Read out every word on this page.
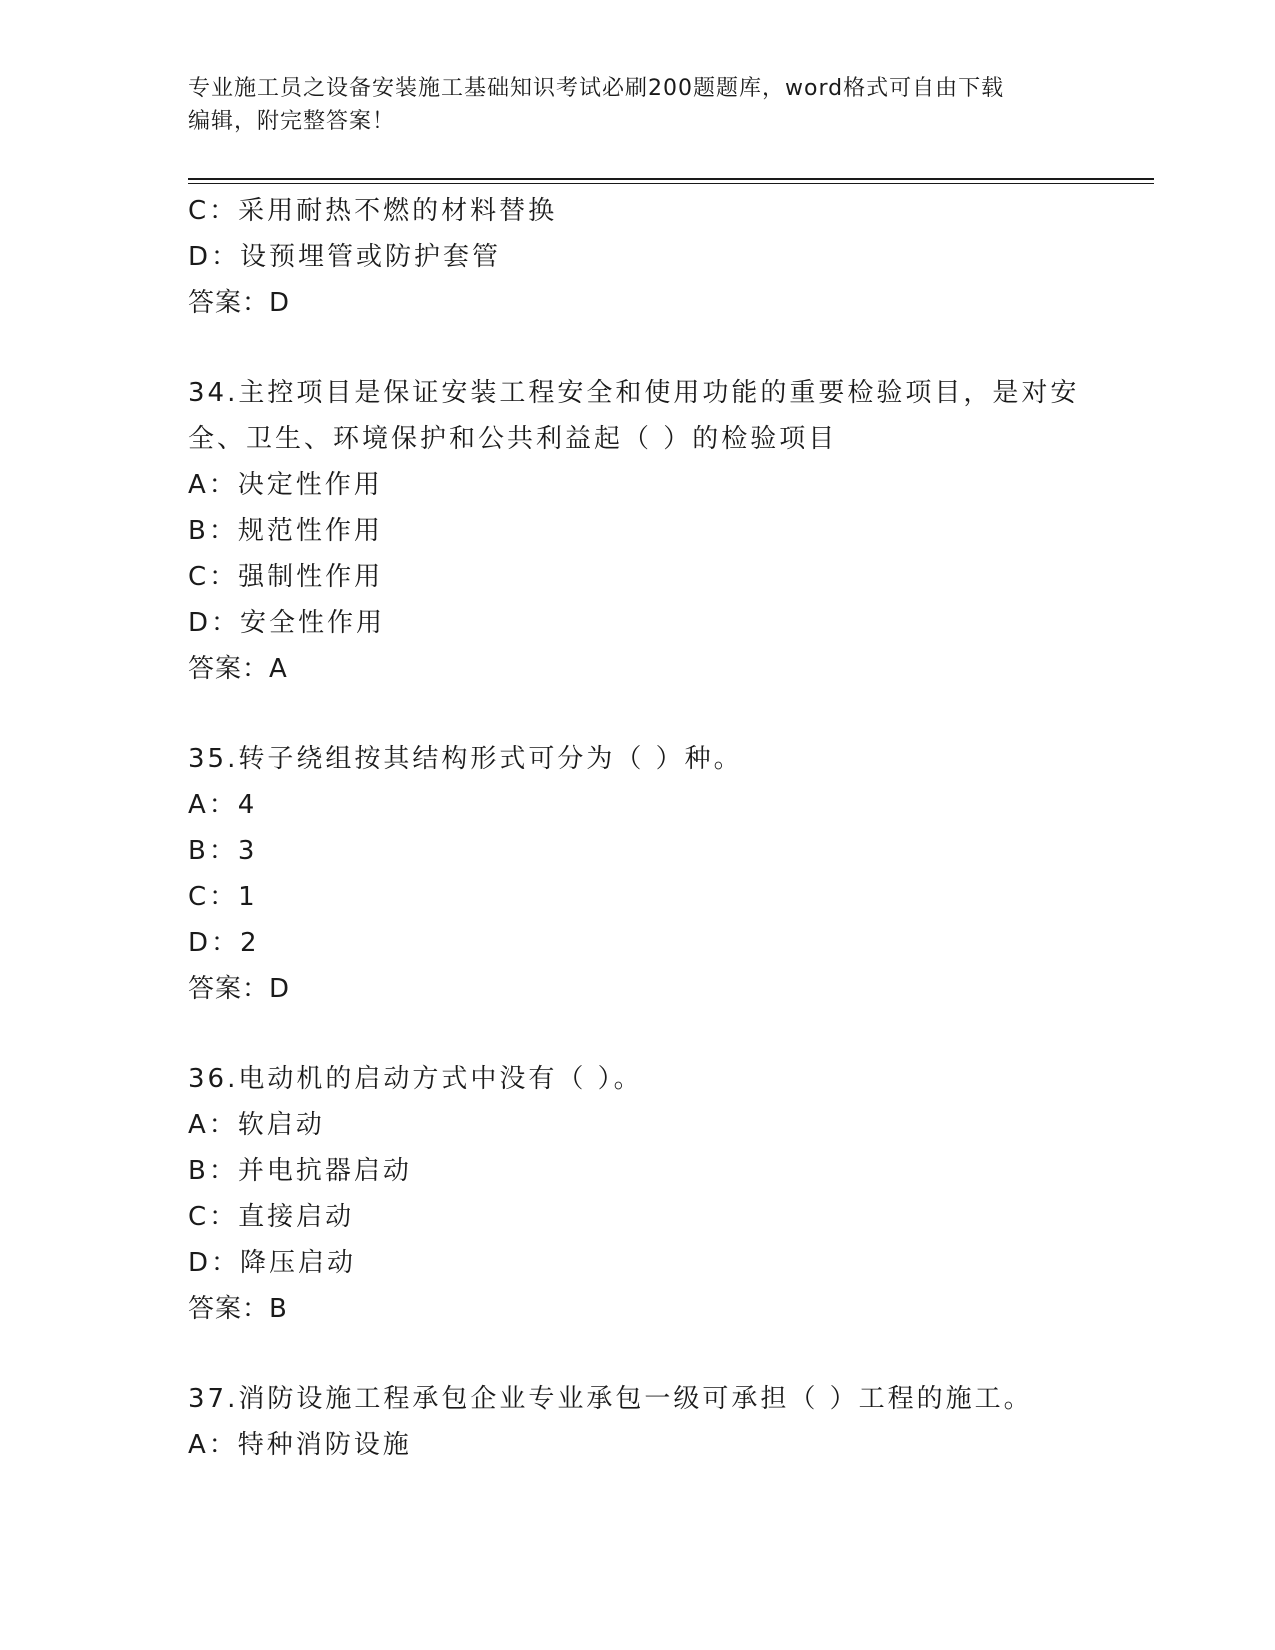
专业施工员之设备安装施工基础知识考试必刷200题题库，word格式可自由下载
编辑，附完整答案！
C：采用耐热不燃的材料替换
D：设预埋管或防护套管
答案：D
34.主控项目是保证安装工程安全和使用功能的重要检验项目，是对安
全、卫生、环境保护和公共利益起（ ）的检验项目
A：决定性作用
B：规范性作用
C：强制性作用
D：安全性作用
答案：A
35.转子绕组按其结构形式可分为（ ）种。
A：4
B：3
C：1
D：2
答案：D
36.电动机的启动方式中没有（ ）。
A：软启动
B：并电抗器启动
C：直接启动
D：降压启动
答案：B
37.消防设施工程承包企业专业承包一级可承担（ ）工程的施工。
A：特种消防设施
